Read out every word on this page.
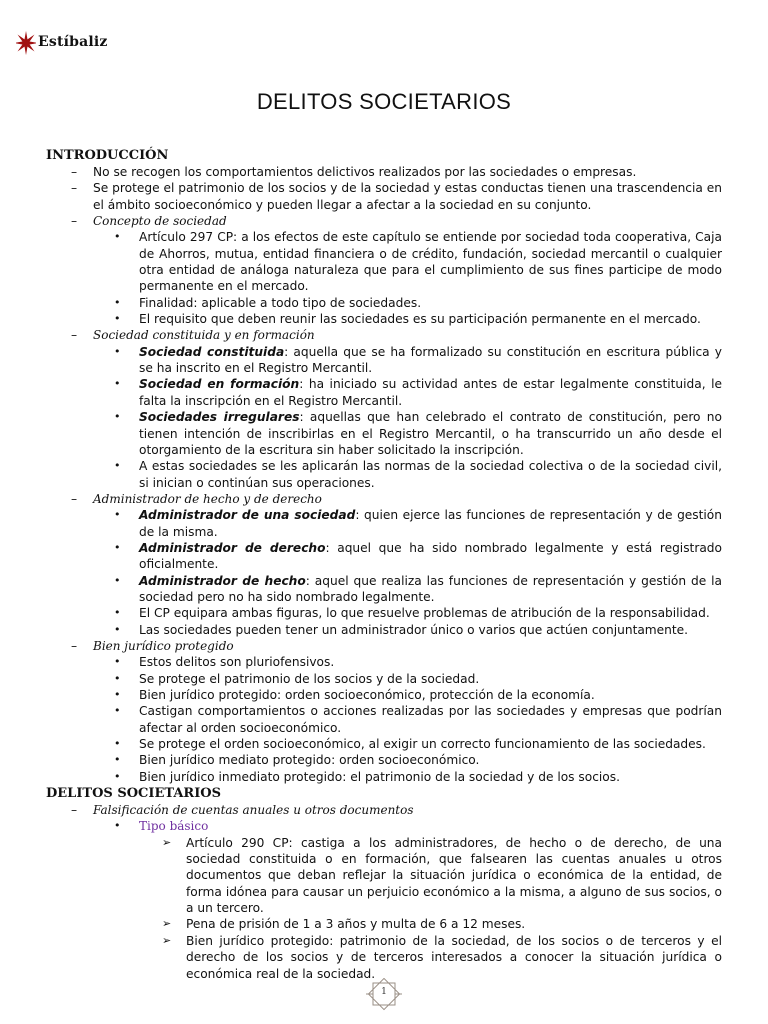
Estíbaliz
DELITOS SOCIETARIOS
INTRODUCCIÓN
– No se recogen los comportamientos delictivos realizados por las sociedades o empresas.
– Se protege el patrimonio de los socios y de la sociedad y estas conductas tienen una trascendencia en el ámbito socioeconómico y pueden llegar a afectar a la sociedad en su conjunto.
– Concepto de sociedad
• Artículo 297 CP: a los efectos de este capítulo se entiende por sociedad toda cooperativa, Caja de Ahorros, mutua, entidad financiera o de crédito, fundación, sociedad mercantil o cualquier otra entidad de análoga naturaleza que para el cumplimiento de sus fines participe de modo permanente en el mercado.
• Finalidad: aplicable a todo tipo de sociedades.
• El requisito que deben reunir las sociedades es su participación permanente en el mercado.
– Sociedad constituida y en formación
• Sociedad constituida: aquella que se ha formalizado su constitución en escritura pública y se ha inscrito en el Registro Mercantil.
• Sociedad en formación: ha iniciado su actividad antes de estar legalmente constituida, le falta la inscripción en el Registro Mercantil.
• Sociedades irregulares: aquellas que han celebrado el contrato de constitución, pero no tienen intención de inscribirlas en el Registro Mercantil, o ha transcurrido un año desde el otorgamiento de la escritura sin haber solicitado la inscripción.
• A estas sociedades se les aplicarán las normas de la sociedad colectiva o de la sociedad civil, si inician o continúan sus operaciones.
– Administrador de hecho y de derecho
• Administrador de una sociedad: quien ejerce las funciones de representación y de gestión de la misma.
• Administrador de derecho: aquel que ha sido nombrado legalmente y está registrado oficialmente.
• Administrador de hecho: aquel que realiza las funciones de representación y gestión de la sociedad pero no ha sido nombrado legalmente.
• El CP equipara ambas figuras, lo que resuelve problemas de atribución de la responsabilidad.
• Las sociedades pueden tener un administrador único o varios que actúen conjuntamente.
– Bien jurídico protegido
• Estos delitos son pluriofensivos.
• Se protege el patrimonio de los socios y de la sociedad.
• Bien jurídico protegido: orden socioeconómico, protección de la economía.
• Castigan comportamientos o acciones realizadas por las sociedades y empresas que podrían afectar al orden socioeconómico.
• Se protege el orden socioeconómico, al exigir un correcto funcionamiento de las sociedades.
• Bien jurídico mediato protegido: orden socioeconómico.
• Bien jurídico inmediato protegido: el patrimonio de la sociedad y de los socios.
DELITOS SOCIETARIOS
– Falsificación de cuentas anuales u otros documentos
• Tipo básico
➢ Artículo 290 CP: castiga a los administradores, de hecho o de derecho, de una sociedad constituida o en formación, que falsearen las cuentas anuales u otros documentos que deban reflejar la situación jurídica o económica de la entidad, de forma idónea para causar un perjuicio económico a la misma, a alguno de sus socios, o a un tercero.
➢ Pena de prisión de 1 a 3 años y multa de 6 a 12 meses.
➢ Bien jurídico protegido: patrimonio de la sociedad, de los socios o de terceros y el derecho de los socios y de terceros interesados a conocer la situación jurídica o económica real de la sociedad.
1
